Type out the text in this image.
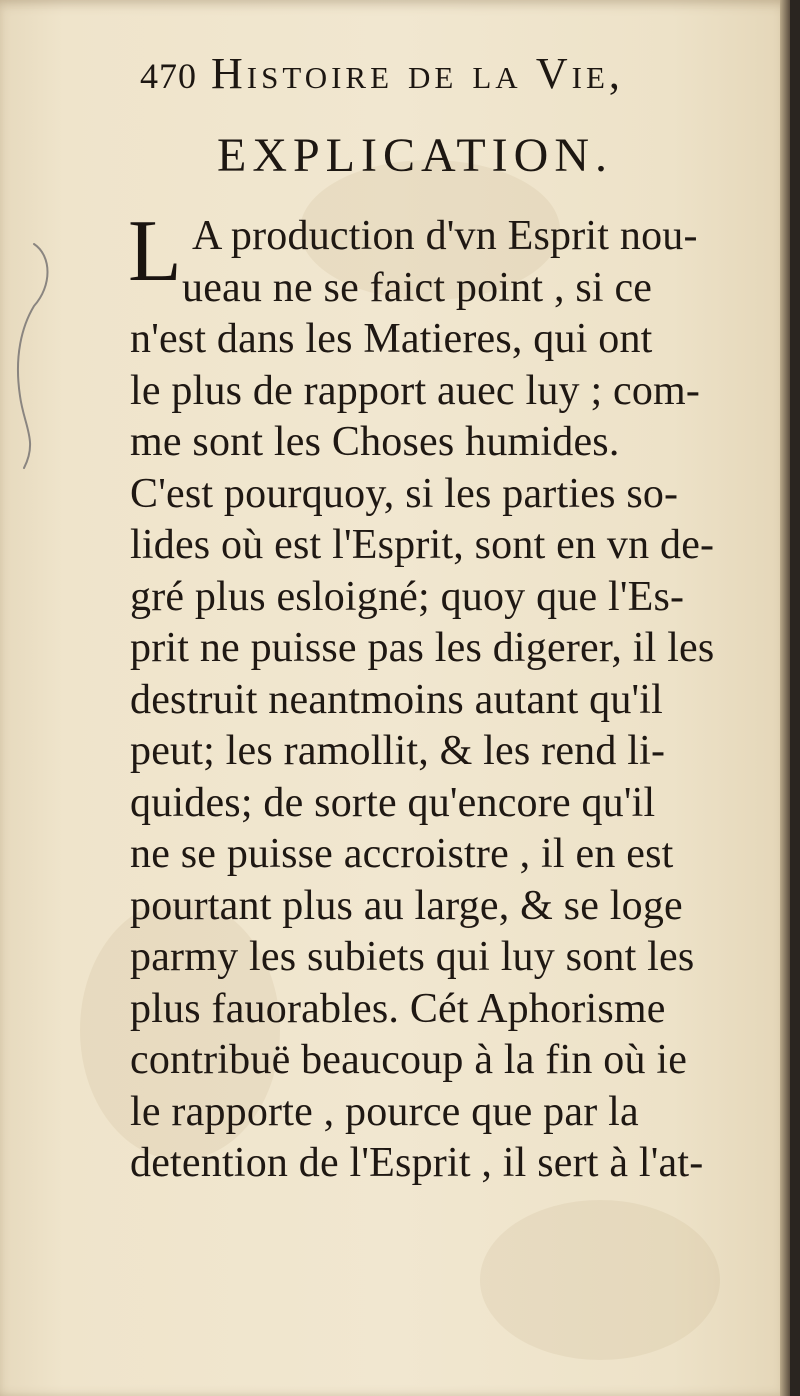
470 Histoire de la Vie,
EXPLICATION.
L A production d'vn Esprit nou-
ueau ne se faict point , si ce
n'est dans les Matieres, qui ont
le plus de rapport auec luy ; com-
me sont les Choses humides.
C'est pourquoy, si les parties so-
lides où est l'Esprit, sont en vn de-
gré plus esloigné; quoy que l'Es-
prit ne puisse pas les digerer, il les
destruit neantmoins autant qu'il
peut; les ramollit, & les rend li-
quides; de sorte qu'encore qu'il
ne se puisse accroistre , il en est
pourtant plus au large, & se loge
parmy les subiets qui luy sont les
plus fauorables. Cét Aphorisme
contribuë beaucoup à la fin où ie
le rapporte , pource que par la
detention de l'Esprit , il sert à l'at-
